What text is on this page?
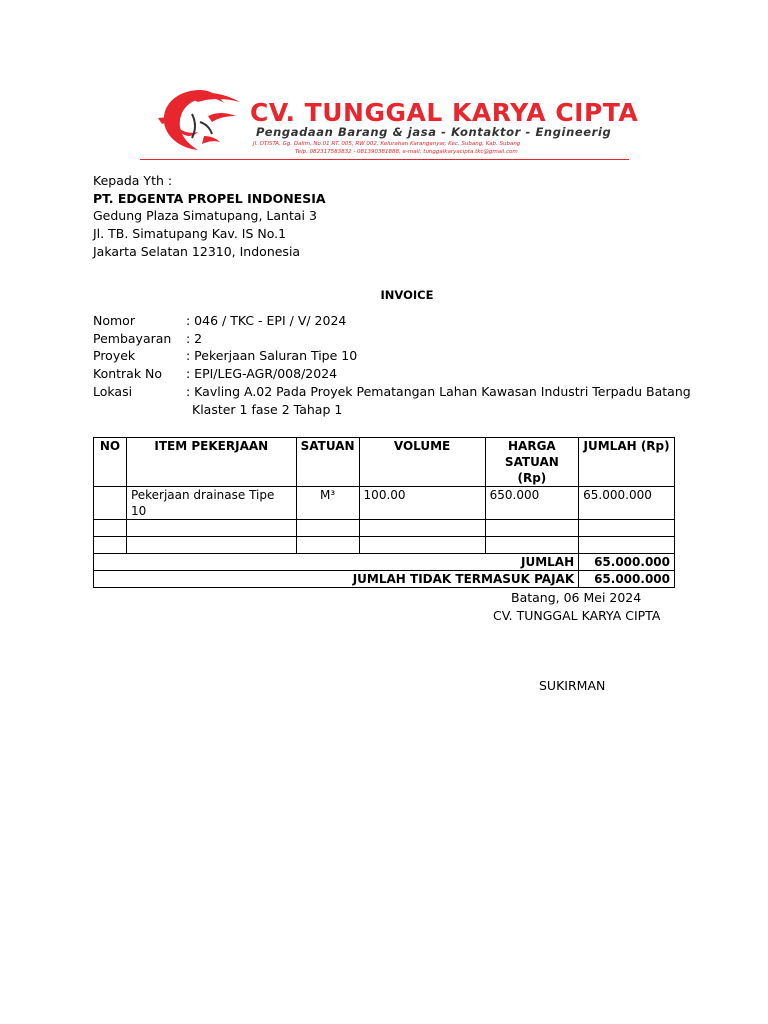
CV. TUNGGAL KARYA CIPTA
Pengadaan Barang & jasa - Kontaktor - Engineerig
Jl. OTISTA, Gg. Dalim, No.01 RT. 005, RW 002, Kelurahan Karanganyar, Kec. Subang, Kab. Subang
Telp. 082317583832 - 081390381888, e-mail: tunggalkaryacipta.tkc@gmail.com
Kepada Yth :
PT. EDGENTA PROPEL INDONESIA
Gedung Plaza Simatupang, Lantai 3
Jl. TB. Simatupang Kav. IS No.1
Jakarta Selatan 12310, Indonesia
INVOICE
Nomor	: 046 / TKC - EPI / V/ 2024
Pembayaran	: 2
Proyek	: Pekerjaan Saluran Tipe 10
Kontrak No	: EPI/LEG-AGR/008/2024
Lokasi	: Kavling A.02 Pada Proyek Pematangan Lahan Kawasan Industri Terpadu Batang
Klaster 1 fase 2 Tahap 1
NO	ITEM PEKERJAAN	SATUAN	VOLUME	HARGA SATUAN (Rp)	JUMLAH (Rp)
	Pekerjaan drainase Tipe 10	M³	100.00	650.000	65.000.000

JUMLAH					65.000.000
JUMLAH TIDAK TERMASUK PAJAK					65.000.000
Batang, 06 Mei 2024
CV. TUNGGAL KARYA CIPTA
SUKIRMAN
